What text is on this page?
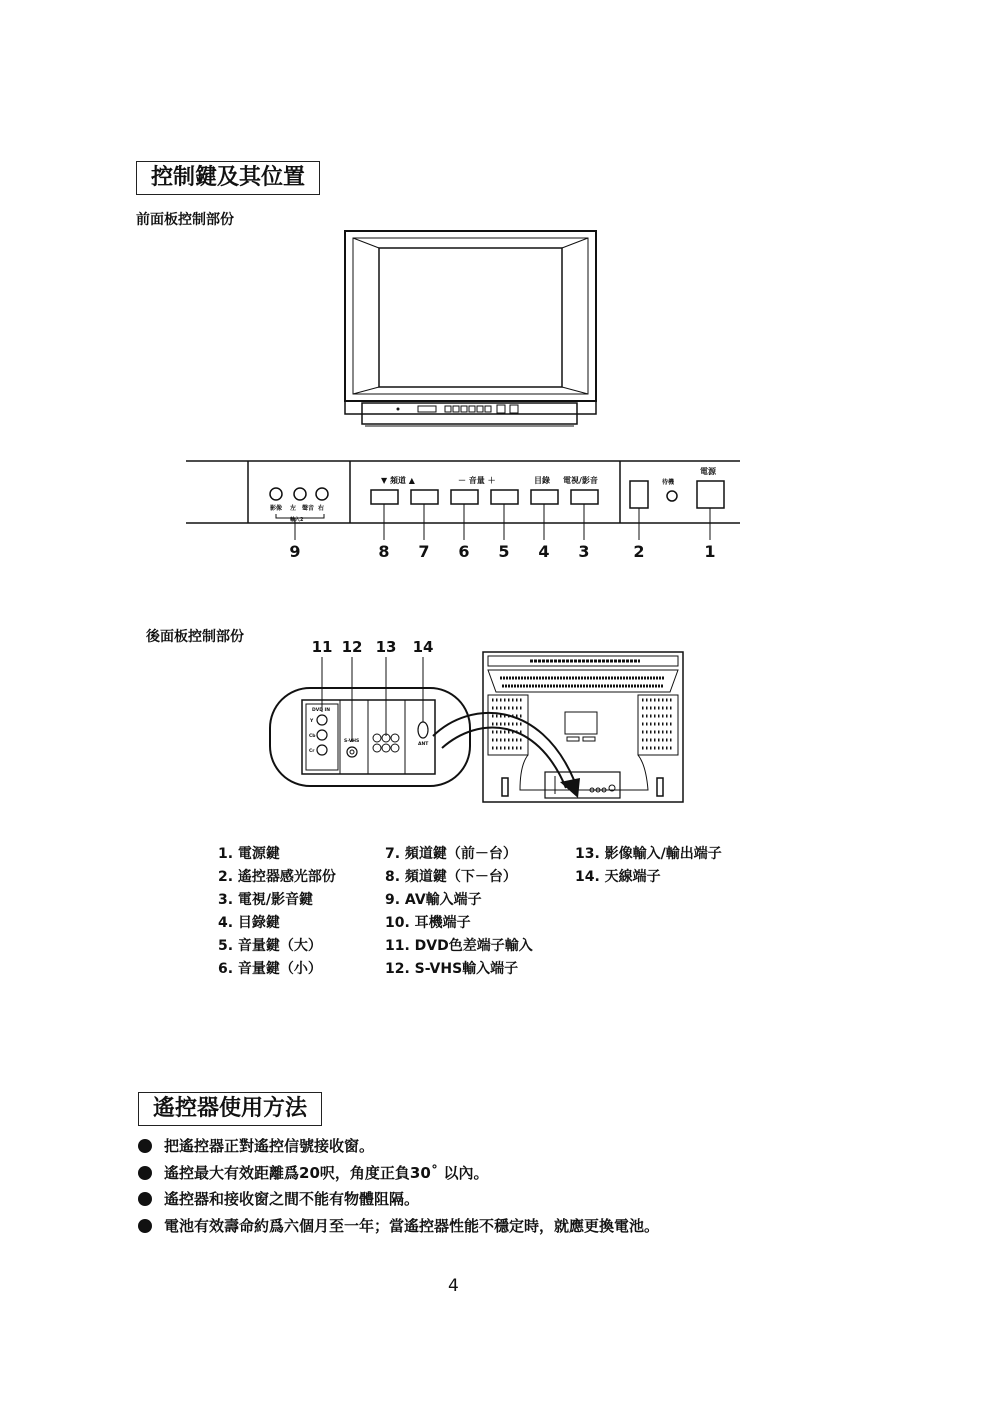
控制鍵及其位置
前面板控制部份
影像 左 聲音 右
輸入2
▼ 頻道 ▲	－ 音量 ＋	目錄 電視/影音	待機
電源
9	8 7 6 5 4 3	2	1
11 12 13 14
DVD IN
Y
Cb
Cr
S-VHS
ANT
後面板控制部份
1. 電源鍵
2. 遙控器感光部份
3. 電視/影音鍵
4. 目錄鍵
5. 音量鍵（大）
6. 音量鍵（小）
7. 頻道鍵（前－台）
8. 頻道鍵（下－台）
9. AV輸入端子
10. 耳機端子
11. DVD色差端子輸入
12. S-VHS輸入端子
13. 影像輸入/輸出端子
14. 天線端子
遙控器使用方法
把遙控器正對遙控信號接收窗。
遙控最大有效距離爲20呎，角度正負30˚ 以內。
遙控器和接收窗之間不能有物體阻隔。
電池有效壽命約爲六個月至一年；當遙控器性能不穩定時，就應更換電池。
4
